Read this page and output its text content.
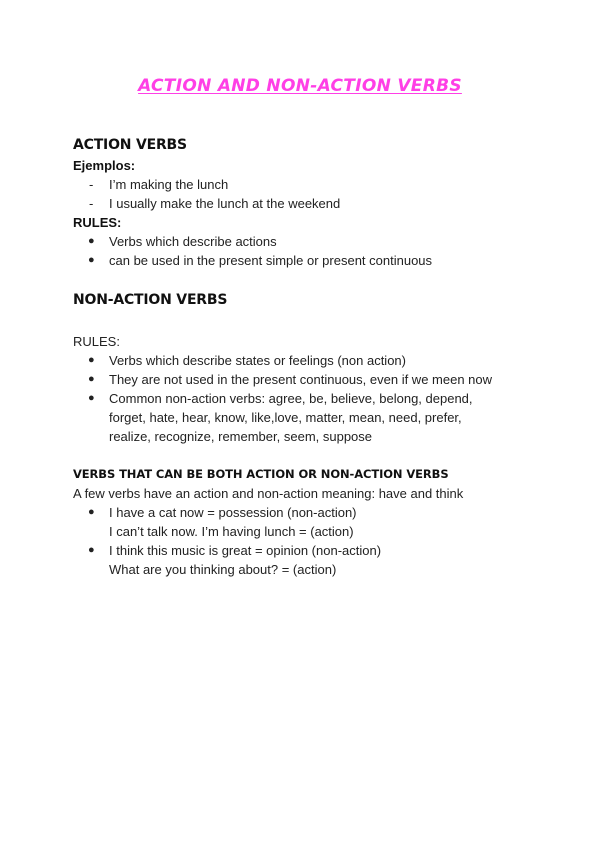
ACTION AND NON-ACTION VERBS

ACTION VERBS

Ejemplos:

- I’m making the lunch
- I usually make the lunch at the weekend

RULES:

● Verbs which describe actions
● can be used in the present simple or present continuous

NON-ACTION VERBS

RULES:

● Verbs which describe states or feelings (non action)
● They are not used in the present continuous, even if we meen now
● Common non-action verbs: agree, be, believe, belong, depend,
forget, hate, hear, know, like,love, matter, mean, need, prefer,
realize, recognize, remember, seem, suppose

VERBS THAT CAN BE BOTH ACTION OR NON-ACTION VERBS

A few verbs have an action and non-action meaning: have and think

● I have a cat now = possession (non-action)
I can’t talk now. I’m having lunch = (action)
● I think this music is great = opinion (non-action)
What are you thinking about? = (action)
